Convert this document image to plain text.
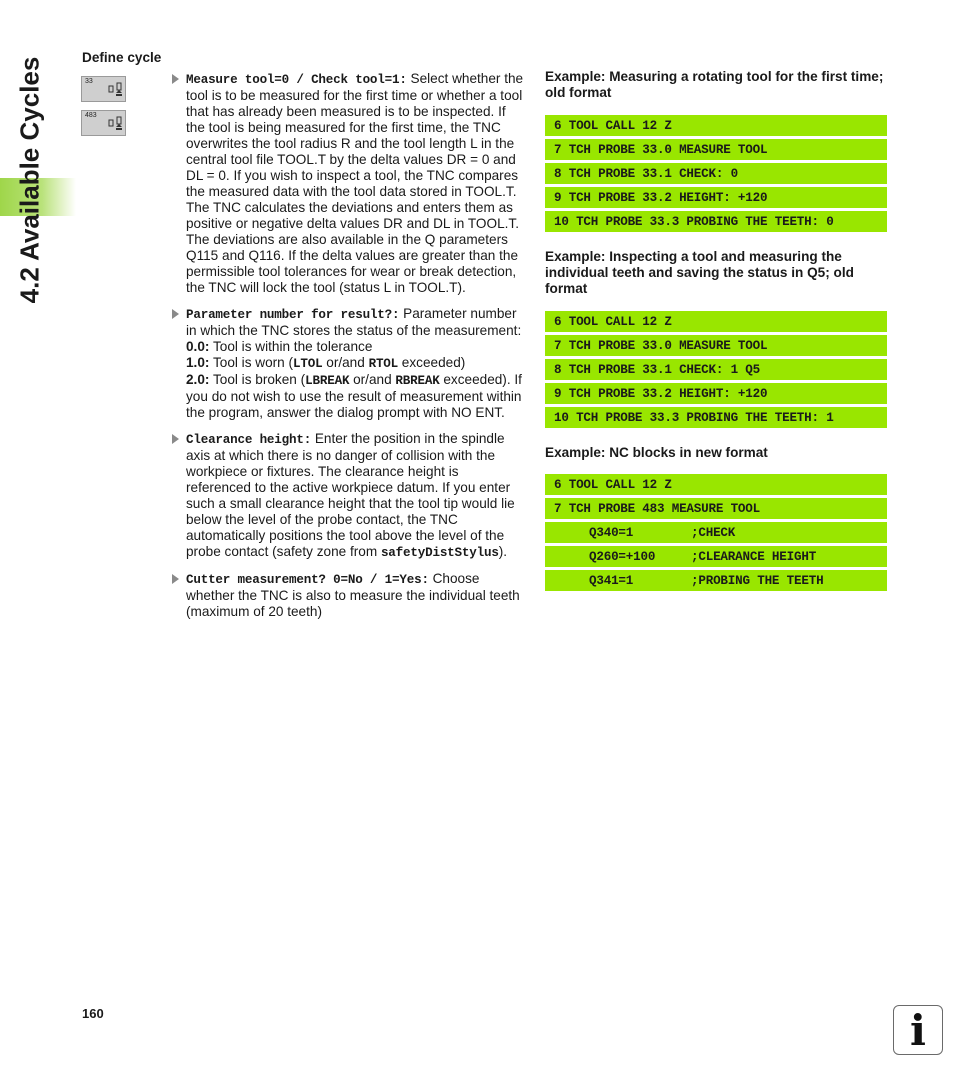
4.2 Available Cycles	Define cycle
33
483
Measure tool=0 / Check tool=1: Select whether the tool is to be measured for the first time or whether a tool that has already been measured is to be inspected. If the tool is being measured for the first time, the TNC overwrites the tool radius R and the tool length L in the central tool file TOOL.T by the delta values DR = 0 and DL = 0. If you wish to inspect a tool, the TNC compares the measured data with the tool data stored in TOOL.T. The TNC calculates the deviations and enters them as positive or negative delta values DR and DL in TOOL.T. The deviations are also available in the Q parameters Q115 and Q116. If the delta values are greater than the permissible tool tolerances for wear or break detection, the TNC will lock the tool (status L in TOOL.T).
Parameter number for result?: Parameter number in which the TNC stores the status of the measurement:
0.0: Tool is within the tolerance
1.0: Tool is worn (LTOL or/and RTOL exceeded)
2.0: Tool is broken (LBREAK or/and RBREAK exceeded). If you do not wish to use the result of measurement within the program, answer the dialog prompt with NO ENT.
Clearance height: Enter the position in the spindle axis at which there is no danger of collision with the workpiece or fixtures. The clearance height is referenced to the active workpiece datum. If you enter such a small clearance height that the tool tip would lie below the level of the probe contact, the TNC automatically positions the tool above the level of the probe contact (safety zone from safetyDistStylus).
Cutter measurement? 0=No / 1=Yes: Choose whether the TNC is also to measure the individual teeth (maximum of 20 teeth)
Example: Measuring a rotating tool for the first time; old format
6 TOOL CALL 12 Z
7 TCH PROBE 33.0 MEASURE TOOL
8 TCH PROBE 33.1 CHECK: 0
9 TCH PROBE 33.2 HEIGHT: +120
10 TCH PROBE 33.3 PROBING THE TEETH: 0
Example: Inspecting a tool and measuring the individual teeth and saving the status in Q5; old format
6 TOOL CALL 12 Z
7 TCH PROBE 33.0 MEASURE TOOL
8 TCH PROBE 33.1 CHECK: 1 Q5
9 TCH PROBE 33.2 HEIGHT: +120
10 TCH PROBE 33.3 PROBING THE TEETH: 1
Example: NC blocks in new format
6 TOOL CALL 12 Z
7 TCH PROBE 483 MEASURE TOOL
Q340=1	;CHECK
Q260=+100	;CLEARANCE HEIGHT
Q341=1	;PROBING THE TEETH
160	i
